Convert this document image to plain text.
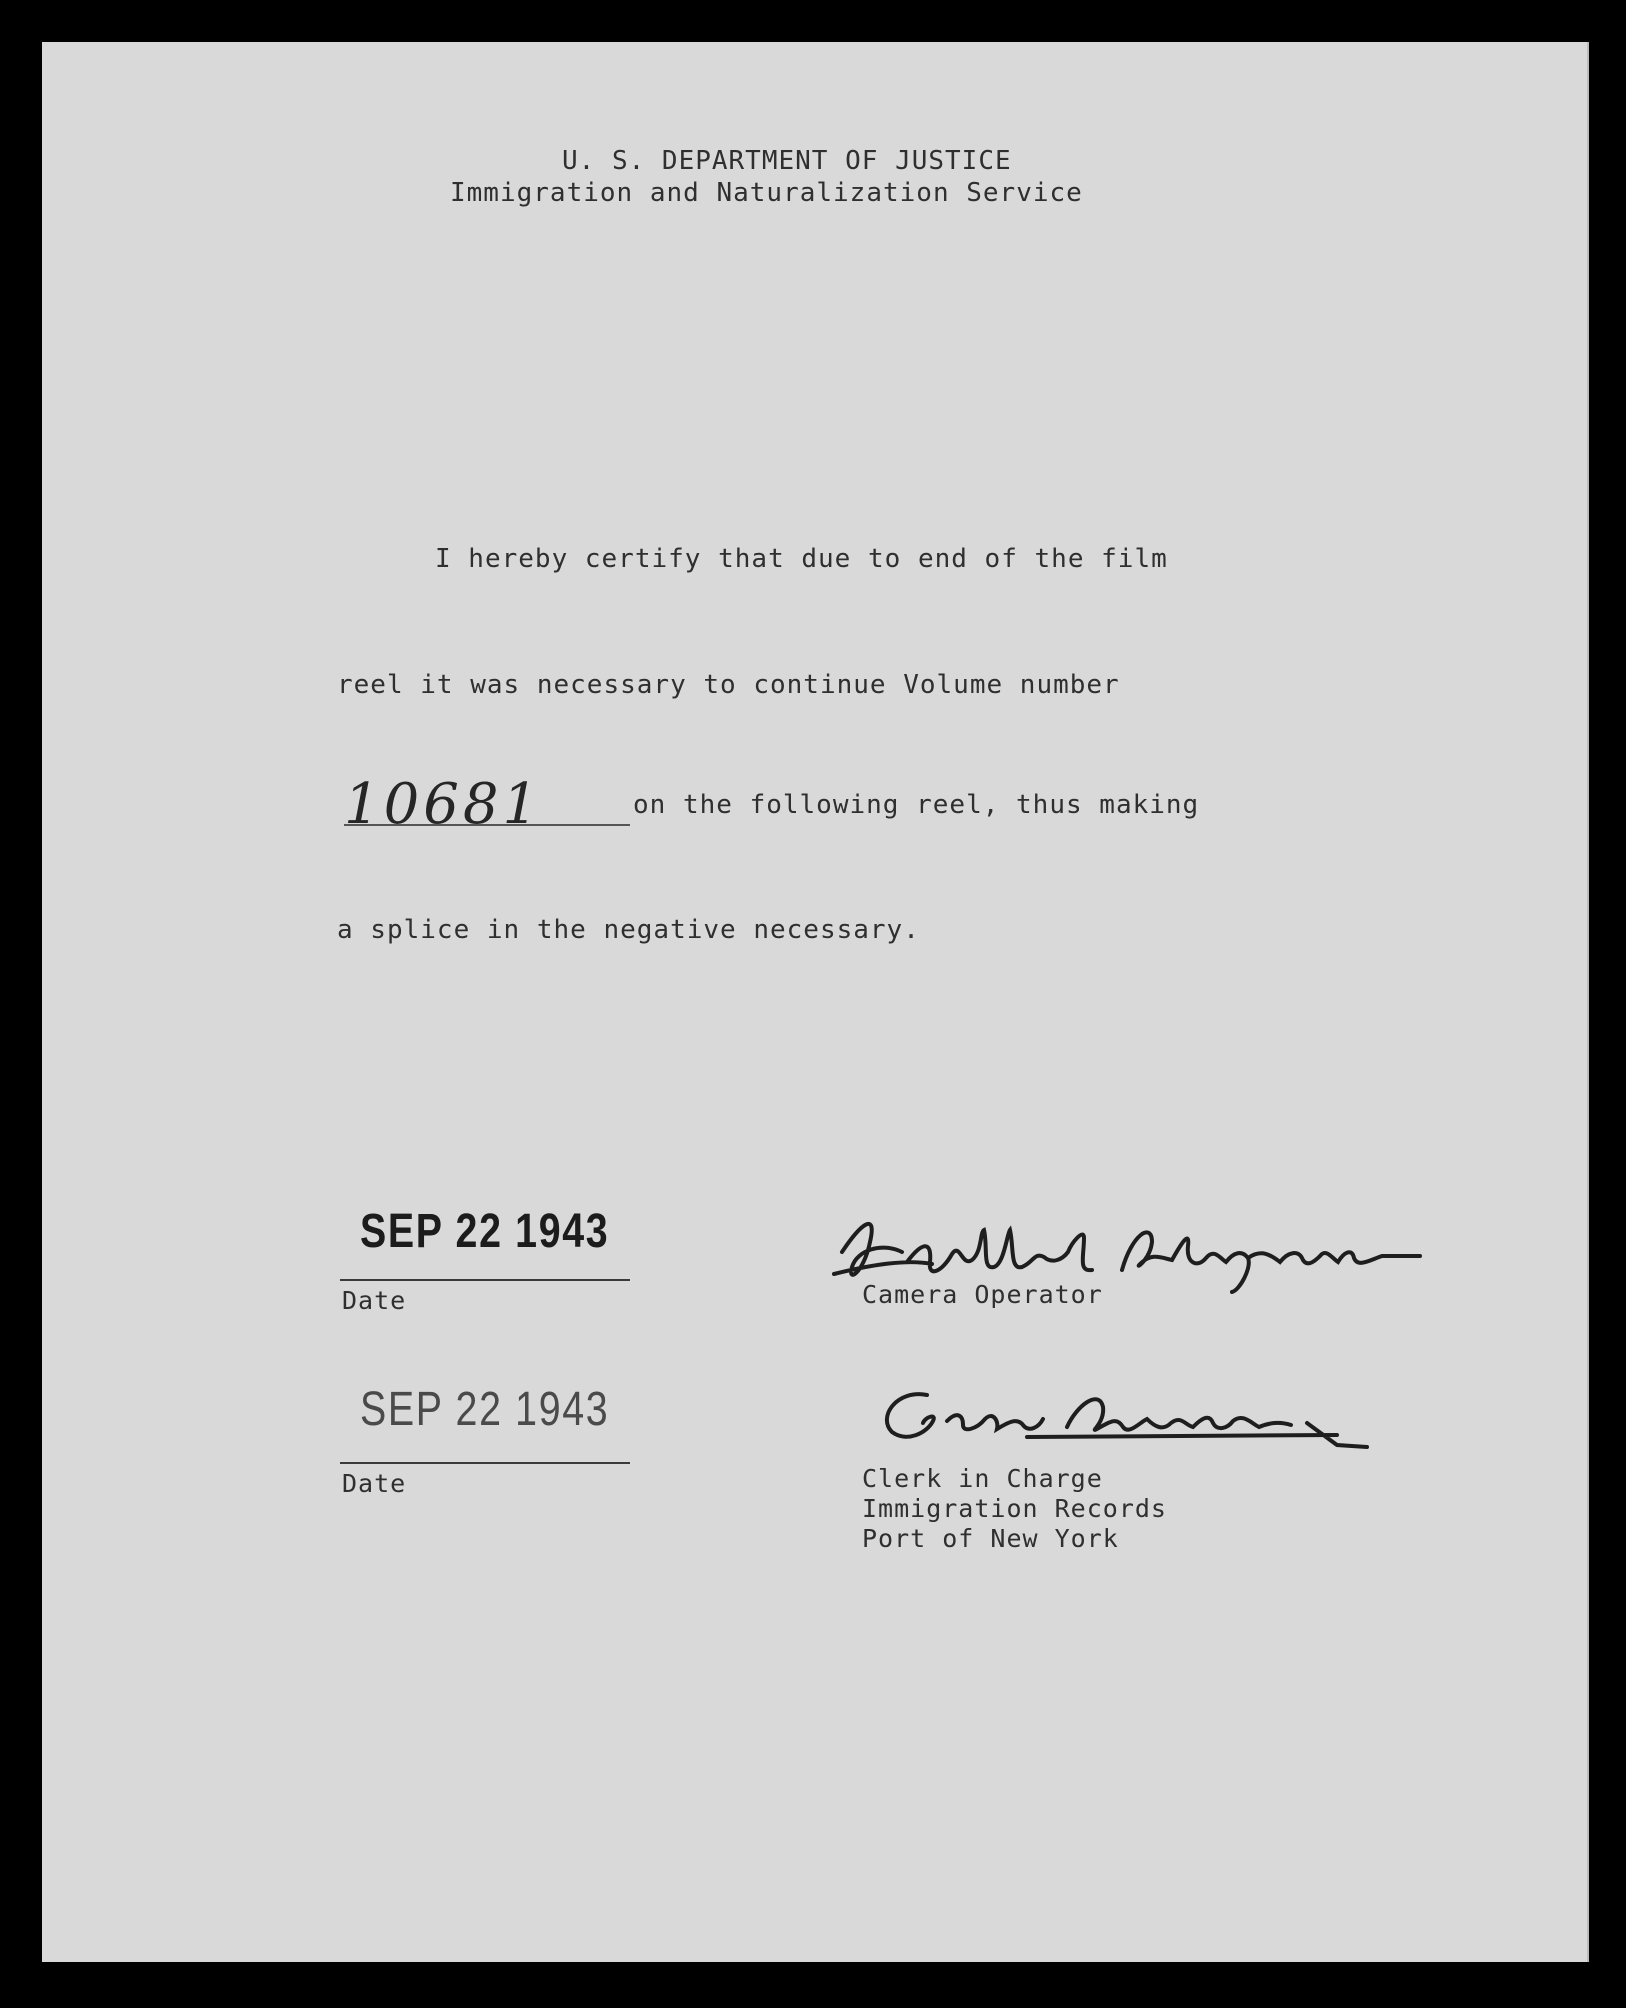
U. S. DEPARTMENT OF JUSTICE

Immigration and Naturalization Service

I hereby certify that due to end of the film

reel it was necessary to continue Volume number

10681	on the following reel, thus making

a splice in the negative necessary.

SEP 22 1943

Date	Camera Operator

SEP 22 1943

Date	Clerk in Charge

Immigration Records

Port of New York
